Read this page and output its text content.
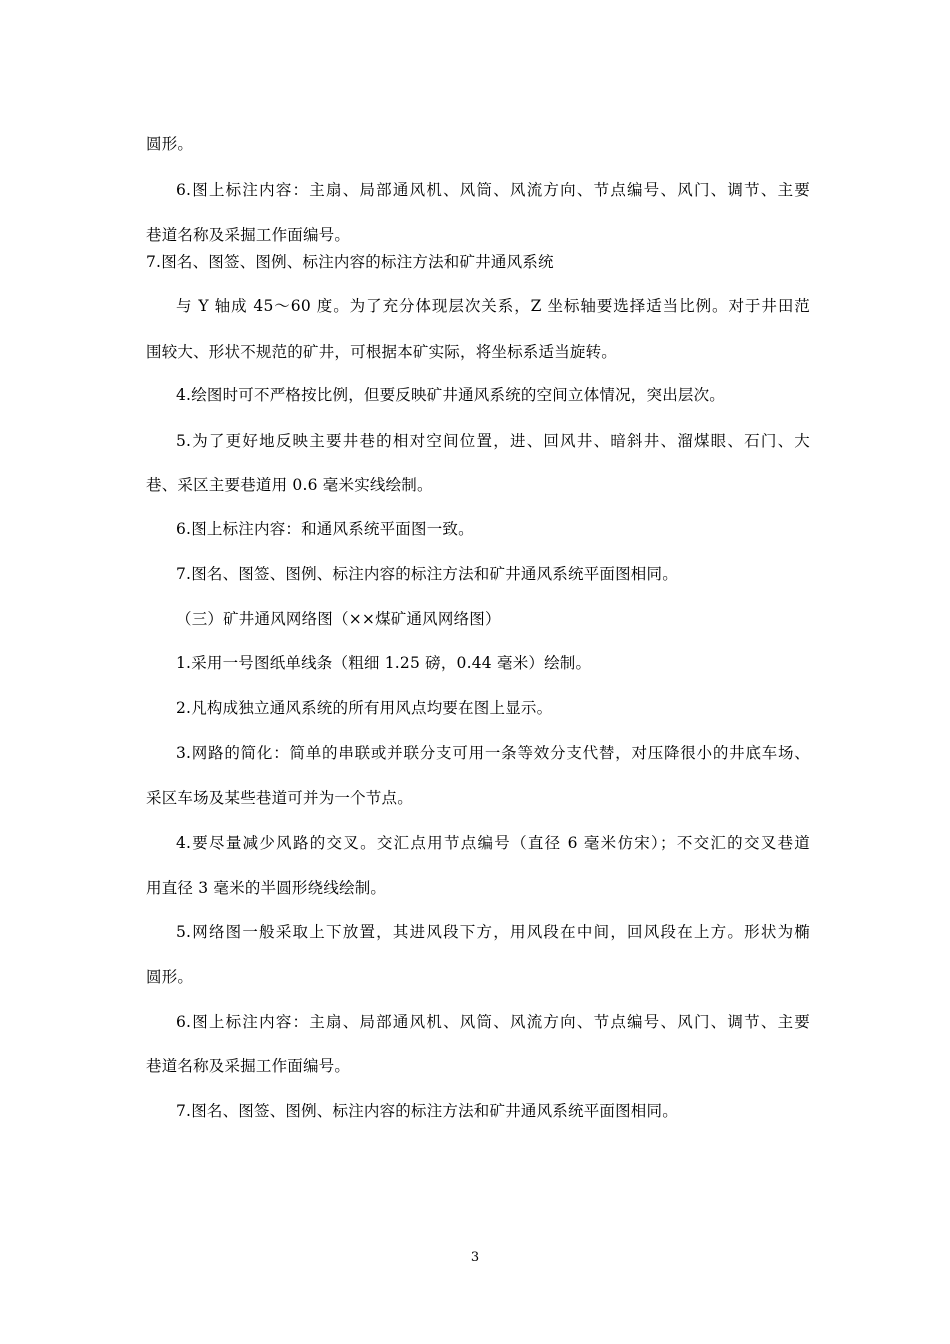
圆形。
6.图上标注内容：主扇、局部通风机、风筒、风流方向、节点编号、风门、调节、主要
巷道名称及采掘工作面编号。
7.图名、图签、图例、标注内容的标注方法和矿井通风系统
与 Y 轴成 45～60 度。为了充分体现层次关系，Z 坐标轴要选择适当比例。对于井田范
围较大、形状不规范的矿井，可根据本矿实际，将坐标系适当旋转。
4.绘图时可不严格按比例，但要反映矿井通风系统的空间立体情况，突出层次。
5.为了更好地反映主要井巷的相对空间位置，进、回风井、暗斜井、溜煤眼、石门、大
巷、采区主要巷道用 0.6 毫米实线绘制。
6.图上标注内容：和通风系统平面图一致。
7.图名、图签、图例、标注内容的标注方法和矿井通风系统平面图相同。
（三）矿井通风网络图（××煤矿通风网络图）
1.采用一号图纸单线条（粗细 1.25 磅，0.44 毫米）绘制。
2.凡构成独立通风系统的所有用风点均要在图上显示。
3.网路的简化：简单的串联或并联分支可用一条等效分支代替，对压降很小的井底车场、
采区车场及某些巷道可并为一个节点。
4.要尽量减少风路的交叉。交汇点用节点编号（直径 6 毫米仿宋）；不交汇的交叉巷道
用直径 3 毫米的半圆形绕线绘制。
5.网络图一般采取上下放置，其进风段下方，用风段在中间，回风段在上方。形状为椭
圆形。
6.图上标注内容：主扇、局部通风机、风筒、风流方向、节点编号、风门、调节、主要
巷道名称及采掘工作面编号。
7.图名、图签、图例、标注内容的标注方法和矿井通风系统平面图相同。
3
